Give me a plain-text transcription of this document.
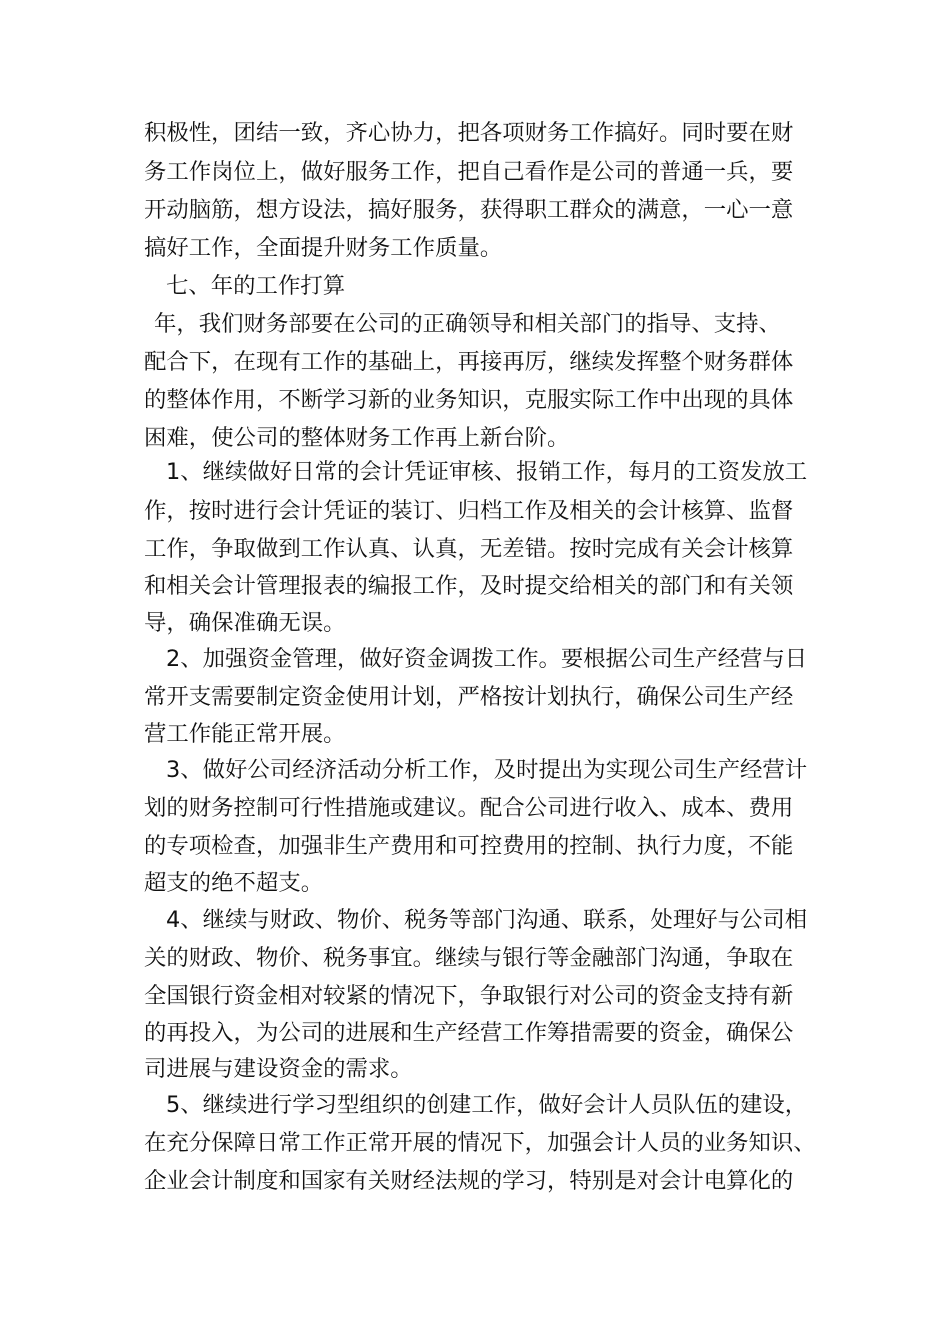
积极性，团结一致，齐心协力，把各项财务工作搞好。同时要在财
务工作岗位上，做好服务工作，把自己看作是公司的普通一兵，要
开动脑筋，想方设法，搞好服务，获得职工群众的满意，一心一意
搞好工作，全面提升财务工作质量。
七、年的工作打算
年，我们财务部要在公司的正确领导和相关部门的指导、支持、
配合下，在现有工作的基础上，再接再厉，继续发挥整个财务群体
的整体作用，不断学习新的业务知识，克服实际工作中出现的具体
困难，使公司的整体财务工作再上新台阶。
1、继续做好日常的会计凭证审核、报销工作，每月的工资发放工
作，按时进行会计凭证的装订、归档工作及相关的会计核算、监督
工作，争取做到工作认真、认真，无差错。按时完成有关会计核算
和相关会计管理报表的编报工作，及时提交给相关的部门和有关领
导，确保准确无误。
2、加强资金管理，做好资金调拨工作。要根据公司生产经营与日
常开支需要制定资金使用计划，严格按计划执行，确保公司生产经
营工作能正常开展。
3、做好公司经济活动分析工作，及时提出为实现公司生产经营计
划的财务控制可行性措施或建议。配合公司进行收入、成本、费用
的专项检查，加强非生产费用和可控费用的控制、执行力度，不能
超支的绝不超支。
4、继续与财政、物价、税务等部门沟通、联系，处理好与公司相
关的财政、物价、税务事宜。继续与银行等金融部门沟通，争取在
全国银行资金相对较紧的情况下，争取银行对公司的资金支持有新
的再投入，为公司的进展和生产经营工作筹措需要的资金，确保公
司进展与建设资金的需求。
5、继续进行学习型组织的创建工作，做好会计人员队伍的建设，
在充分保障日常工作正常开展的情况下，加强会计人员的业务知识、
企业会计制度和国家有关财经法规的学习，特别是对会计电算化的
